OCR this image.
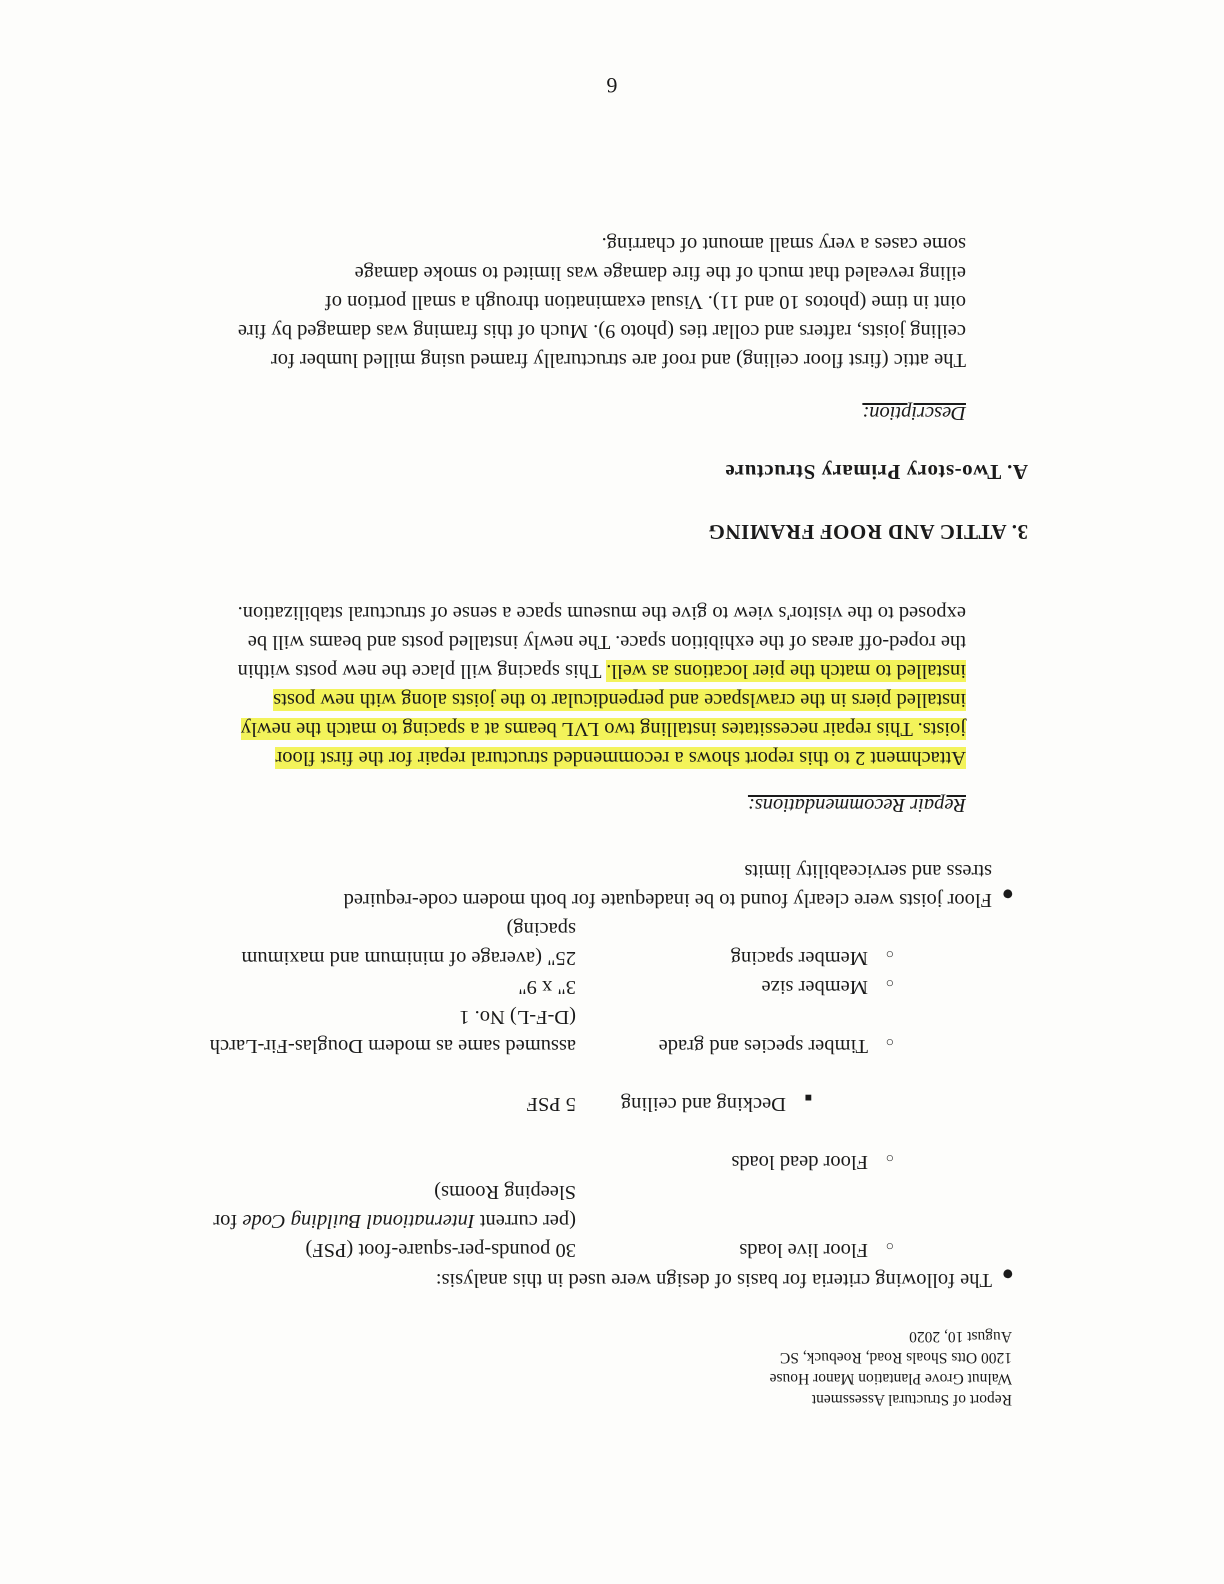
Report of Structural Assessment
Walnut Grove Plantation Manor House
1200 Otts Shoals Road, Roebuck, SC
August 10, 2020
●
The following criteria for basis of design were used in this analysis:
○
Floor live loads
30 pounds-per-square-foot (PSF)
(per current International Building Code for
Sleeping Rooms)
○
Floor dead loads
■
Decking and ceiling
5 PSF
○
Timber species and grade
assumed same as modern Douglas-Fir-Larch
(D-F-L) No. 1
○
Member size
3" x 9"
○
Member spacing
25" (average of minimum and maximum
spacing)
●
Floor joists were clearly found to be inadequate for both modern code-required
stress and serviceability limits
Repair Recommendations:
Attachment 2 to this report shows a recommended structural repair for the first floor
joists. This repair necessitates installing two LVL beams at a spacing to match the newly
installed piers in the crawlspace and perpendicular to the joists along with new posts
installed to match the pier locations as well. This spacing will place the new posts within
the roped-off areas of the exhibition space. The newly installed posts and beams will be
exposed to the visitor's view to give the museum space a sense of structural stabilization.
3. ATTIC AND ROOF FRAMING
A. Two-story Primary Structure
Description:
The attic (first floor ceiling) and roof are structurally framed using milled lumber for
ceiling joists, rafters and collar ties (photo 9). Much of this framing was damaged by fire
oint in time (photos 10 and 11). Visual examination through a small portion of
eiling revealed that much of the fire damage was limited to smoke damage
some cases a very small amount of charring.
6
